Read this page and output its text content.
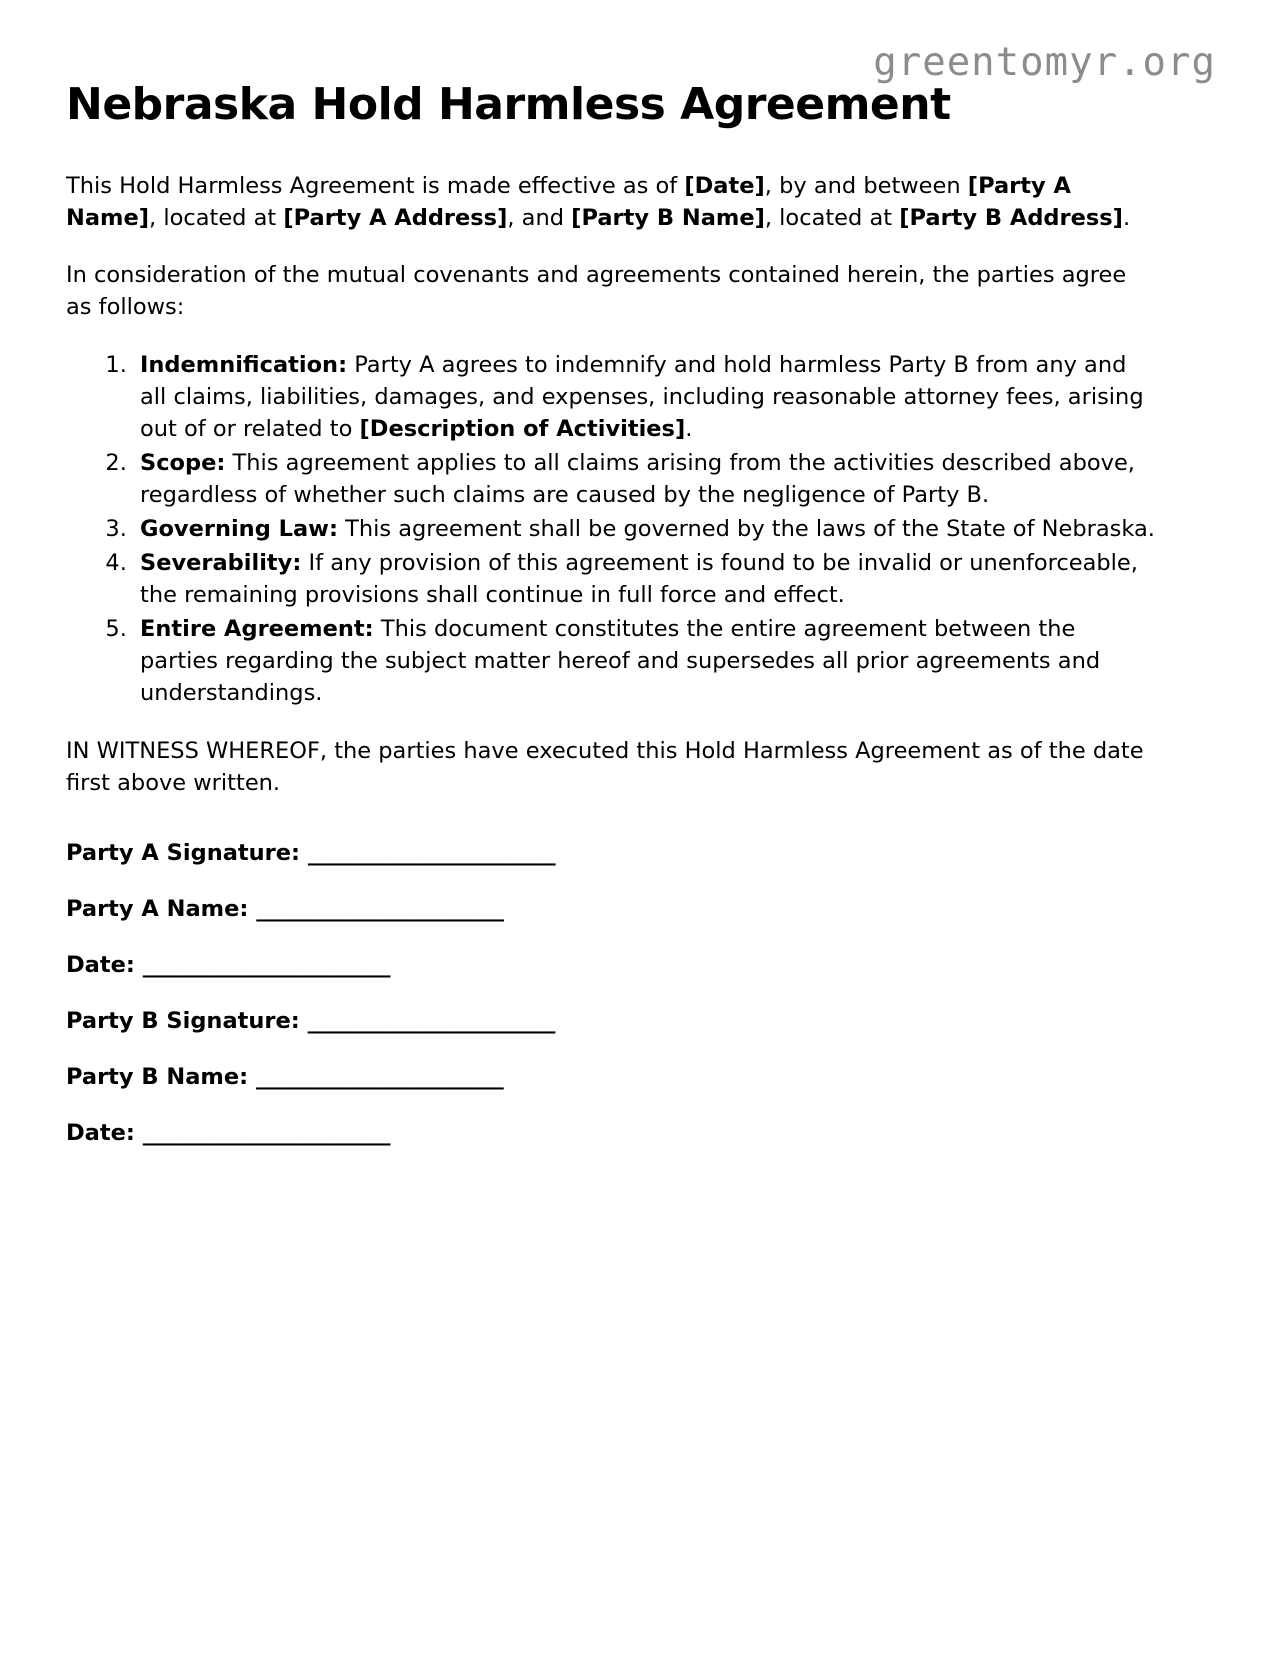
greentomyr.org
Nebraska Hold Harmless Agreement

This Hold Harmless Agreement is made effective as of [Date], by and between [Party A Name], located at [Party A Address], and [Party B Name], located at [Party B Address].

In consideration of the mutual covenants and agreements contained herein, the parties agree as follows:

1. Indemnification: Party A agrees to indemnify and hold harmless Party B from any and all claims, liabilities, damages, and expenses, including reasonable attorney fees, arising out of or related to [Description of Activities].
2. Scope: This agreement applies to all claims arising from the activities described above, regardless of whether such claims are caused by the negligence of Party B.
3. Governing Law: This agreement shall be governed by the laws of the State of Nebraska.
4. Severability: If any provision of this agreement is found to be invalid or unenforceable, the remaining provisions shall continue in full force and effect.
5. Entire Agreement: This document constitutes the entire agreement between the parties regarding the subject matter hereof and supersedes all prior agreements and understandings.

IN WITNESS WHEREOF, the parties have executed this Hold Harmless Agreement as of the date first above written.

Party A Signature: _______________________
Party A Name: _______________________
Date: _______________________
Party B Signature: _______________________
Party B Name: _______________________
Date: _______________________
